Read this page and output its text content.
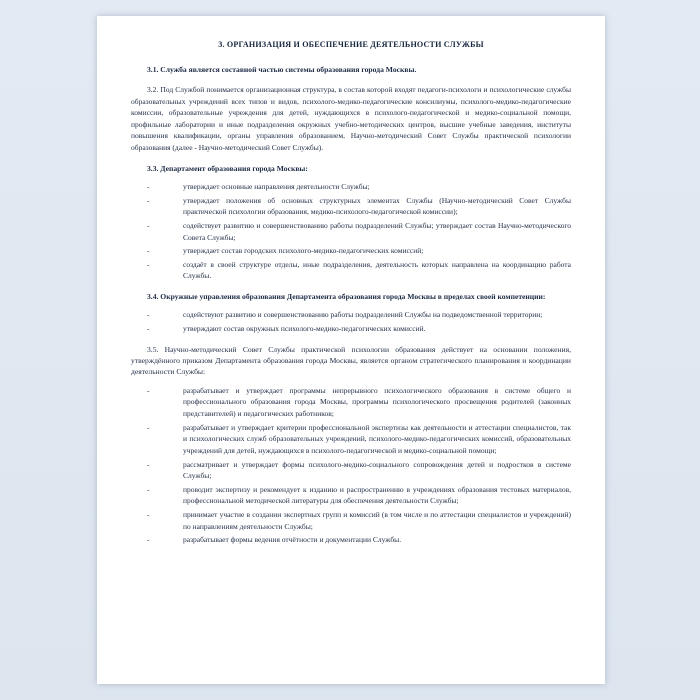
3. ОРГАНИЗАЦИЯ И ОБЕСПЕЧЕНИЕ ДЕЯТЕЛЬНОСТИ СЛУЖБЫ
3.1. Служба является составной частью системы образования города Москвы.

3.2. Под Службой понимается организационная структура, в состав которой входят педагоги-психологи и психологические службы образовательных учреждений всех типов и видов, психолого-медико-педагогические консилиумы, психолого-медико-педагогические комиссии, образовательные учреждения для детей, нуждающихся в психолого-педагогической и медико-социальной помощи, профильные лаборатории и иные подразделения окружных учебно-методических центров, высшие учебные заведения, институты повышения квалификации, органы управления образованием, Научно-методический Совет Службы практической психологии образования (далее - Научно-методический Совет Службы).

3.3. Департамент образования города Москвы:
-	утверждает основные направления деятельности Службы;
-	утверждает положения об основных структурных элементах Службы (Научно-методический Совет Службы практической психологии образования, медико-психолого-педагогической комиссии);
-	содействует развитию и совершенствованию работы подразделений Службы; утверждает состав Научно-методического Совета Службы;
-	утверждает состав городских психолого-медико-педагогических комиссий;
-	создаёт в своей структуре отделы, иные подразделения, деятельность которых направлена на координацию работа Службы.
3.4. Окружные управления образования Департамента образования города Москвы в пределах своей компетенции:
-	содействуют развитию и совершенствованию работы подразделений Службы на подведомственной территории;
-	утверждают состав окружных психолого-медико-педагогических комиссий.
3.5. Научно-методический Совет Службы практической психологии образования действует на основании положения, утверждённого приказом Департамента образования города Москвы, является органом стратегического планирования и координации деятельности Службы:
-	разрабатывает и утверждает программы непрерывного психологического образования в системе общего и профессионального образования города Москвы, программы психологического просвещения родителей (законных представителей) и педагогических работников;
-	разрабатывает и утверждает критерии профессиональной экспертизы как деятельности и аттестации специалистов, так и психологических служб образовательных учреждений, психолого-медико-педагогических комиссий, образовательных учреждений для детей, нуждающихся в психолого-педагогической и медико-социальной помощи;
-	рассматривает и утверждает формы психолого-медико-социального сопровождения детей и подростков в системе Службы;
-	проводит экспертизу и рекомендует к изданию и распространению в учреждениях образования тестовых материалов, профессиональной методической литературы для обеспечения деятельности Службы;
-	принимает участие в создании экспертных групп и комиссий (в том числе и по аттестации специалистов и учреждений) по направлениям деятельности Службы;
-	разрабатывает формы ведения отчётности и документации Службы.
